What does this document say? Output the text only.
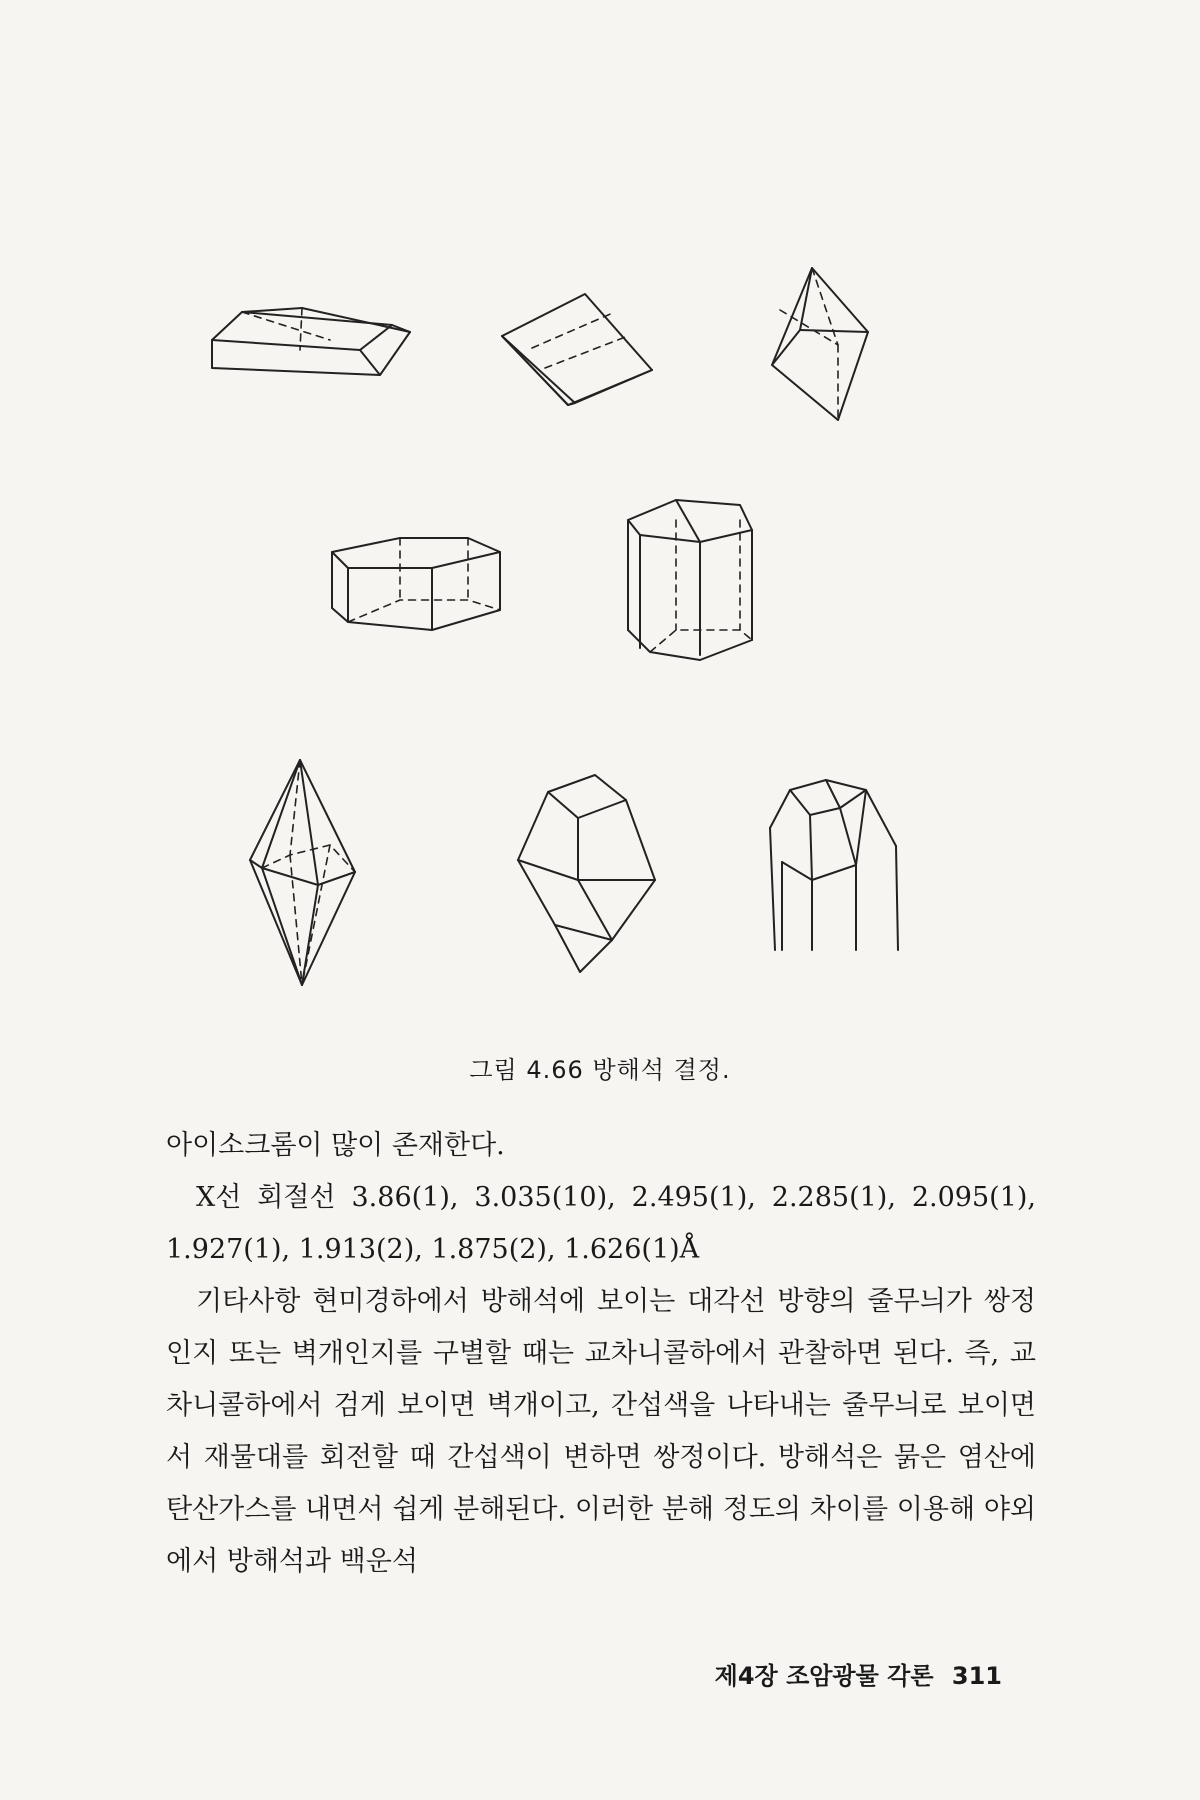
그림 4.66 방해석 결정.

아이소크롬이 많이 존재한다.

X선 회절선 3.86(1), 3.035(10), 2.495(1), 2.285(1), 2.095(1), 1.927(1), 1.913(2), 1.875(2), 1.626(1)Å

기타사항 현미경하에서 방해석에 보이는 대각선 방향의 줄무늬가 쌍정인지 또는 벽개인지를 구별할 때는 교차니콜하에서 관찰하면 된다. 즉, 교차니콜하에서 검게 보이면 벽개이고, 간섭색을 나타내는 줄무늬로 보이면서 재물대를 회전할 때 간섭색이 변하면 쌍정이다. 방해석은 묽은 염산에 탄산가스를 내면서 쉽게 분해된다. 이러한 분해 정도의 차이를 이용해 야외에서 방해석과 백운석

제4장 조암광물 각론 311
